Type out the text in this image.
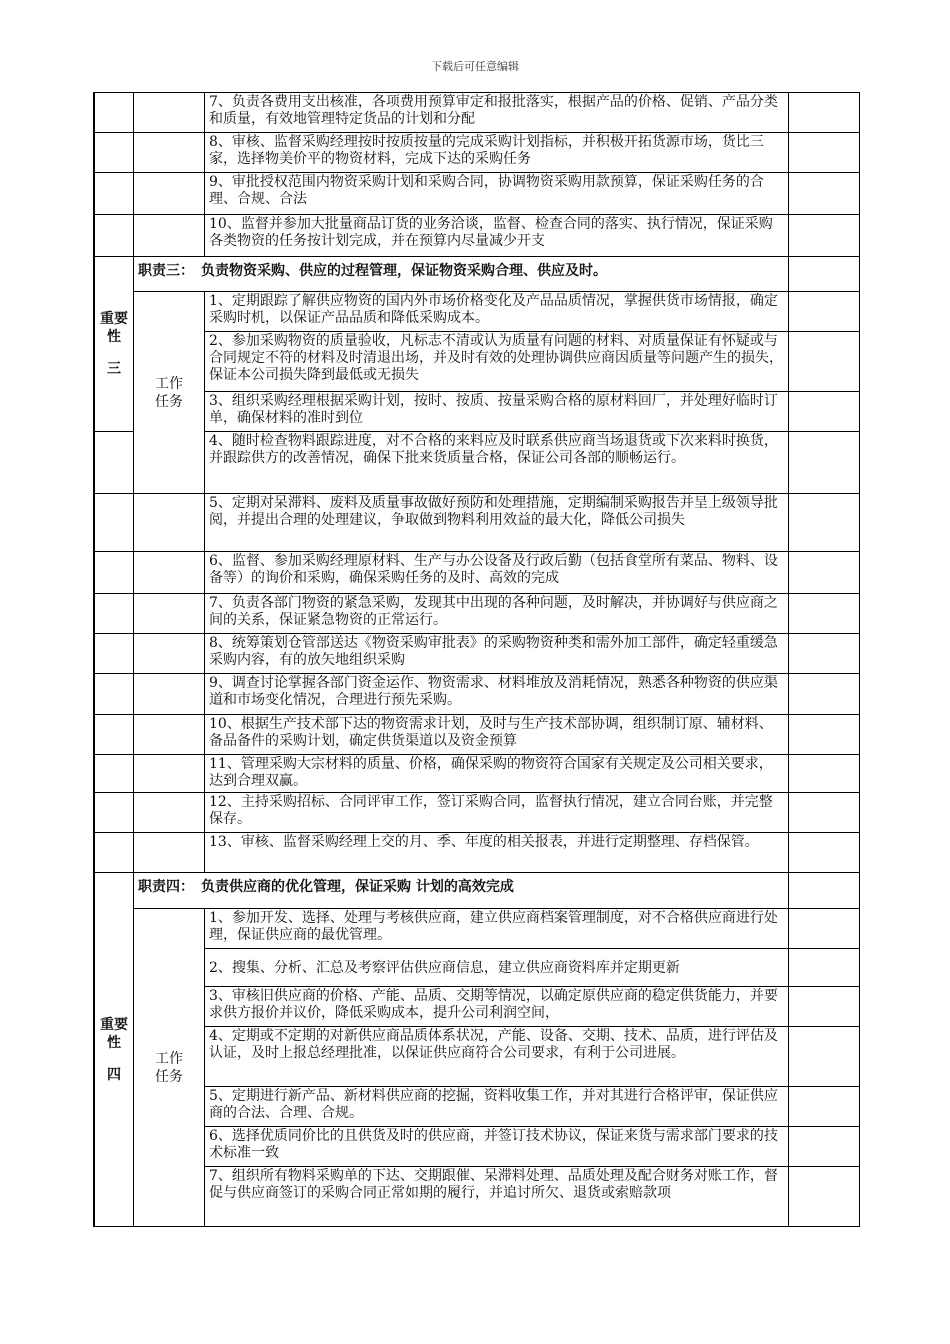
下载后可任意编辑

		7、负责各费用支出核准，各项费用预算审定和报批落实，根据产品的价格、促销、产品分类和质量，有效地管理特定货品的计划和分配	

		8、审核、监督采购经理按时按质按量的完成采购计划指标，并积极开拓货源市场，货比三家，选择物美价平的物资材料，完成下达的采购任务	

		9、审批授权范围内物资采购计划和采购合同，协调物资采购用款预算，保证采购任务的合理、合规、合法	

		10、监督并参加大批量商品订货的业务洽谈，监督、检查合同的落实、执行情况，保证采购各类物资的任务按计划完成，并在预算内尽量减少开支	

重要
性
三	职责三：　负责物资采购、供应的过程管理，保证物资采购合理、供应及时。		

	工作
任务	1、定期跟踪了解供应物资的国内外市场价格变化及产品品质情况，掌握供货市场情报，确定采购时机，以保证产品品质和降低采购成本。	

		2、参加采购物资的质量验收，凡标志不清或认为质量有问题的材料、对质量保证有怀疑或与合同规定不符的材料及时清退出场，并及时有效的处理协调供应商因质量等问题产生的损失，保证本公司损失降到最低或无损失	

		3、组织采购经理根据采购计划，按时、按质、按量采购合格的原材料回厂，并处理好临时订单，确保材料的准时到位	

		4、随时检查物料跟踪进度，对不合格的来料应及时联系供应商当场退货或下次来料时换货，并跟踪供方的改善情况，确保下批来货质量合格，保证公司各部的顺畅运行。	

		5、定期对呆滞料、废料及质量事故做好预防和处理措施，定期编制采购报告并呈上级领导批阅，并提出合理的处理建议，争取做到物料利用效益的最大化，降低公司损失	

		6、监督、参加采购经理原材料、生产与办公设备及行政后勤（包括食堂所有菜品、物料、设备等）的询价和采购，确保采购任务的及时、高效的完成	

		7、负责各部门物资的紧急采购，发现其中出现的各种问题，及时解决，并协调好与供应商之间的关系，保证紧急物资的正常运行。	

		8、统筹策划仓管部送达《物资采购审批表》的采购物资种类和需外加工部件，确定轻重缓急采购内容，有的放矢地组织采购	

		9、调查讨论掌握各部门资金运作、物资需求、材料堆放及消耗情况，熟悉各种物资的供应渠道和市场变化情况，合理进行预先采购。	

		10、根据生产技术部下达的物资需求计划，及时与生产技术部协调，组织制订原、辅材料、备品备件的采购计划，确定供货渠道以及资金预算	

		11、管理采购大宗材料的质量、价格，确保采购的物资符合国家有关规定及公司相关要求，达到合理双赢。	

		12、主持采购招标、合同评审工作，签订采购合同，监督执行情况，建立合同台账，并完整保存。	

		13、审核、监督采购经理上交的月、季、年度的相关报表，并进行定期整理、存档保管。	

重要
性
四	职责四：　负责供应商的优化管理，保证采购 计划的高效完成		

	工作
任务	1、参加开发、选择、处理与考核供应商，建立供应商档案管理制度，对不合格供应商进行处理，保证供应商的最优管理。	

		2、搜集、分析、汇总及考察评估供应商信息，建立供应商资料库并定期更新	

		3、审核旧供应商的价格、产能、品质、交期等情况，以确定原供应商的稳定供货能力，并要求供方报价并议价，降低采购成本，提升公司利润空间，	

		4、定期或不定期的对新供应商品质体系状况，产能、设备、交期、技术、品质，进行评估及认证，及时上报总经理批准，以保证供应商符合公司要求，有利于公司进展。	

		5、定期进行新产品、新材料供应商的挖掘，资料收集工作，并对其进行合格评审，保证供应商的合法、合理、合规。	

		6、选择优质同价比的且供货及时的供应商，并签订技术协议，保证来货与需求部门要求的技术标准一致	

		7、组织所有物料采购单的下达、交期跟催、呆滞料处理、品质处理及配合财务对账工作，督促与供应商签订的采购合同正常如期的履行，并追讨所欠、退货或索赔款项	
